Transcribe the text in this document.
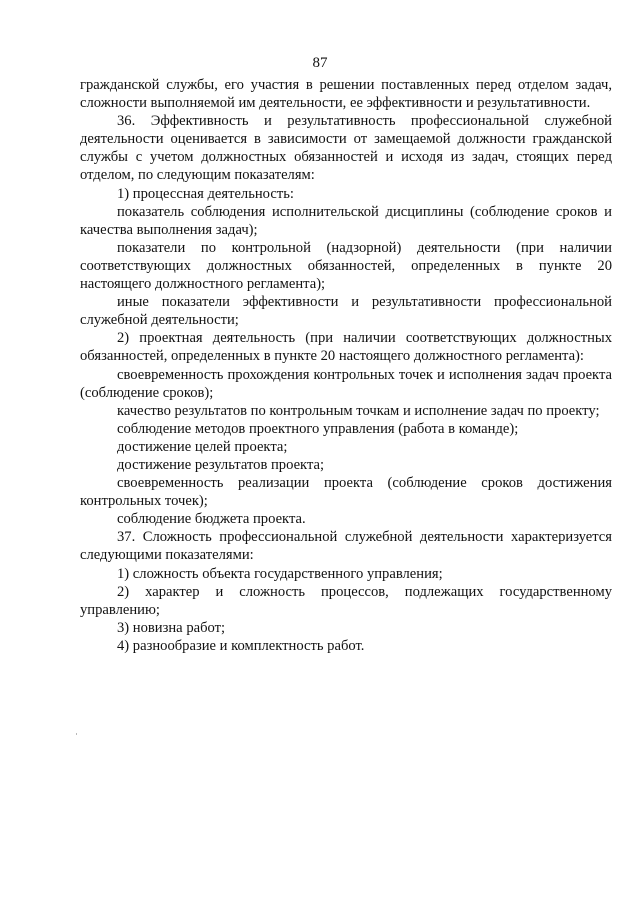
87

гражданской службы, его участия в решении поставленных перед отделом задач, сложности выполняемой им деятельности, ее эффективности и результативности.

36. Эффективность и результативность профессиональной служебной деятельности оценивается в зависимости от замещаемой должности гражданской службы с учетом должностных обязанностей и исходя из задач, стоящих перед отделом, по следующим показателям:

1) процессная деятельность:

показатель соблюдения исполнительской дисциплины (соблюдение сроков и качества выполнения задач);

показатели по контрольной (надзорной) деятельности (при наличии соответствующих должностных обязанностей, определенных в пункте 20 настоящего должностного регламента);

иные показатели эффективности и результативности профессиональной служебной деятельности;

2) проектная деятельность (при наличии соответствующих должностных обязанностей, определенных в пункте 20 настоящего должностного регламента):

своевременность прохождения контрольных точек и исполнения задач проекта (соблюдение сроков);

качество результатов по контрольным точкам и исполнение задач по проекту;

соблюдение методов проектного управления (работа в команде);

достижение целей проекта;

достижение результатов проекта;

своевременность реализации проекта (соблюдение сроков достижения контрольных точек);

соблюдение бюджета проекта.

37. Сложность профессиональной служебной деятельности характеризуется следующими показателями:

1) сложность объекта государственного управления;

2) характер и сложность процессов, подлежащих государственному управлению;

3) новизна работ;

4) разнообразие и комплектность работ.
